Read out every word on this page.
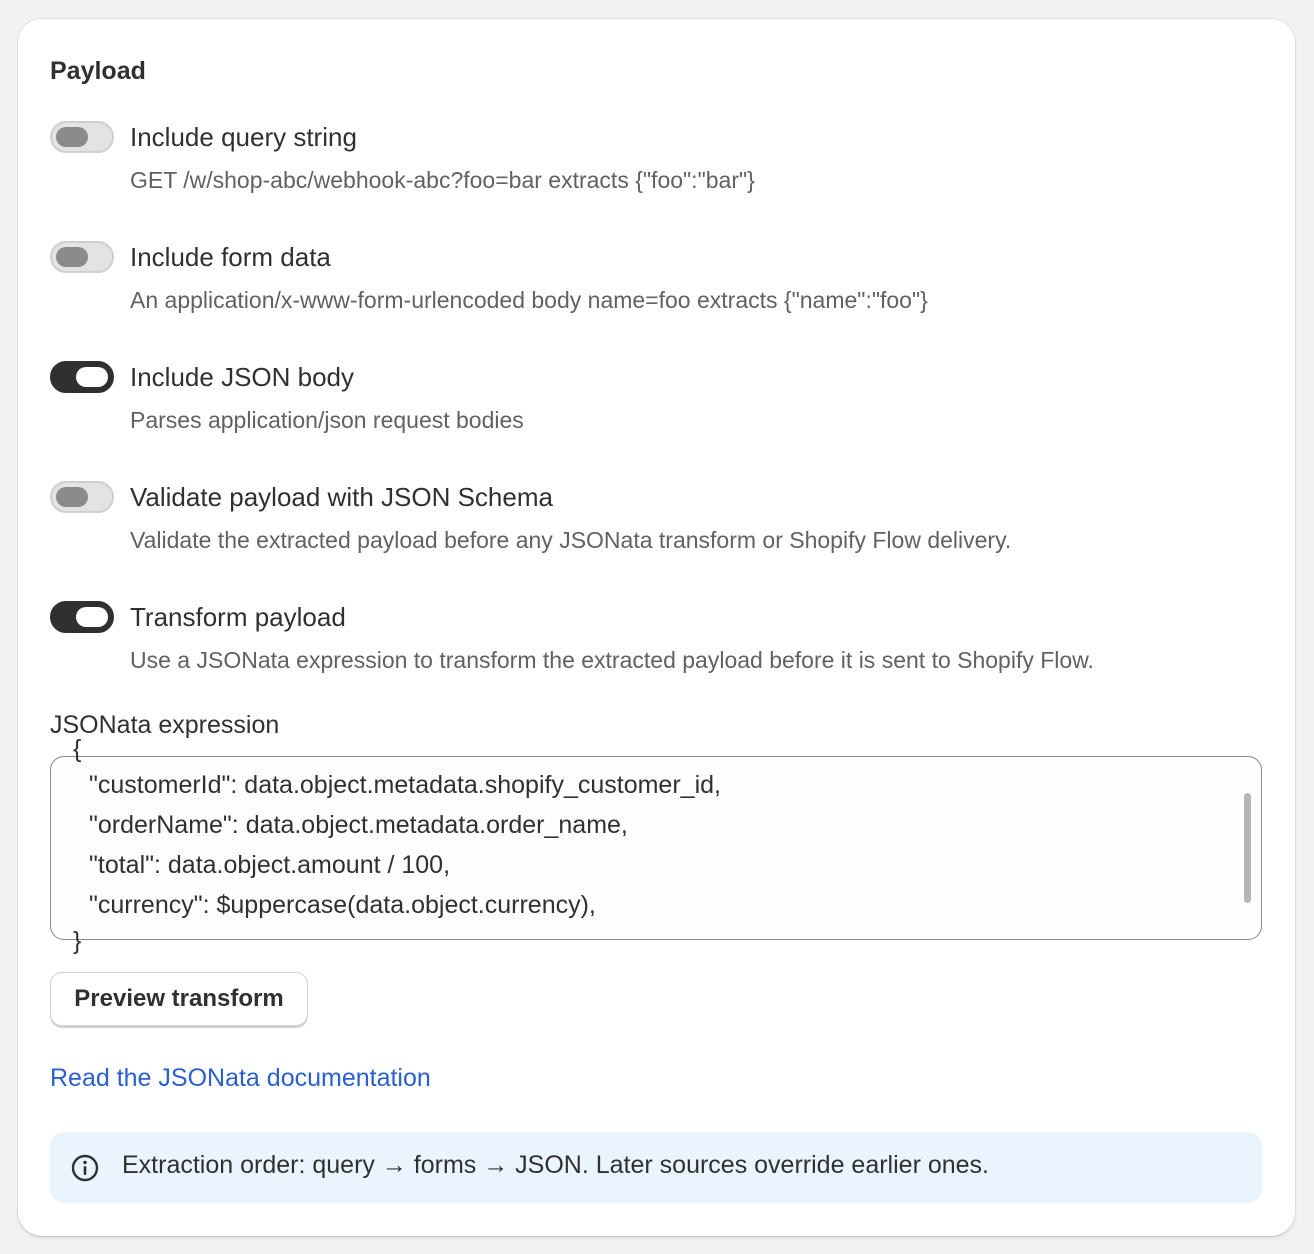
Payload
Include query string
GET /w/shop-abc/webhook-abc?foo=bar extracts {"foo":"bar"}
Include form data
An application/x-www-form-urlencoded body name=foo extracts {"name":"foo"}
Include JSON body
Parses application/json request bodies
Validate payload with JSON Schema
Validate the extracted payload before any JSONata transform or Shopify Flow delivery.
Transform payload
Use a JSONata expression to transform the extracted payload before it is sent to Shopify Flow.
JSONata expression
{
"customerId": data.object.metadata.shopify_customer_id,
"orderName": data.object.metadata.order_name,
"total": data.object.amount / 100,
"currency": $uppercase(data.object.currency),
}
Preview transform
Read the JSONata documentation
Extraction order: query → forms → JSON. Later sources override earlier ones.
